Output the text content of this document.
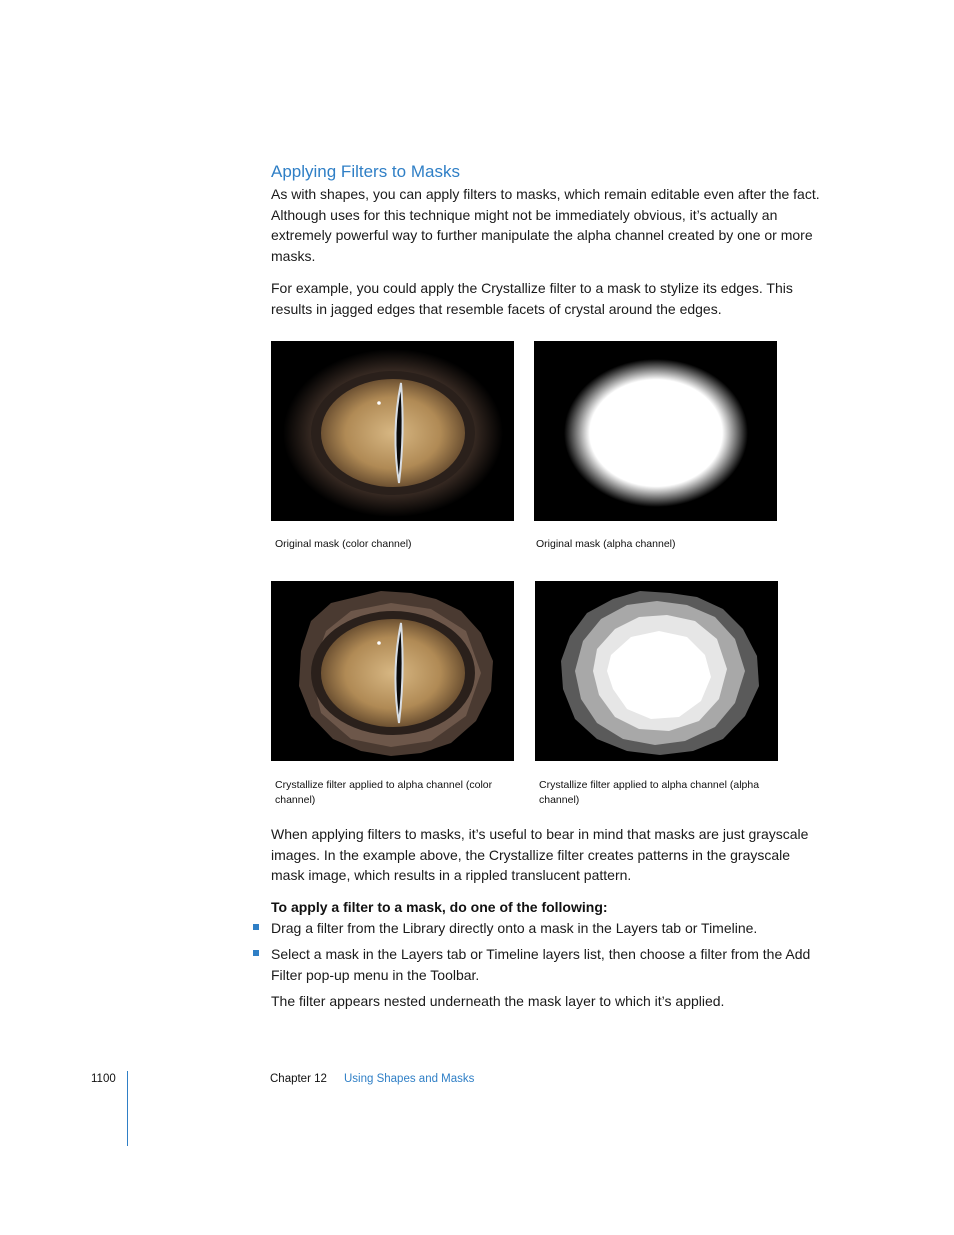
Applying Filters to Masks
As with shapes, you can apply filters to masks, which remain editable even after the fact. Although uses for this technique might not be immediately obvious, it’s actually an extremely powerful way to further manipulate the alpha channel created by one or more masks.
For example, you could apply the Crystallize filter to a mask to stylize its edges. This results in jagged edges that resemble facets of crystal around the edges.
Original mask (color channel)	Original mask (alpha channel)
Crystallize filter applied to alpha channel (color channel)
Crystallize filter applied to alpha channel (alpha channel)
When applying filters to masks, it’s useful to bear in mind that masks are just grayscale images. In the example above, the Crystallize filter creates patterns in the grayscale mask image, which results in a rippled translucent pattern.
To apply a filter to a mask, do one of the following:
Drag a filter from the Library directly onto a mask in the Layers tab or Timeline.
Select a mask in the Layers tab or Timeline layers list, then choose a filter from the Add Filter pop-up menu in the Toolbar.
The filter appears nested underneath the mask layer to which it’s applied.
1100	Chapter 12 Using Shapes and Masks
